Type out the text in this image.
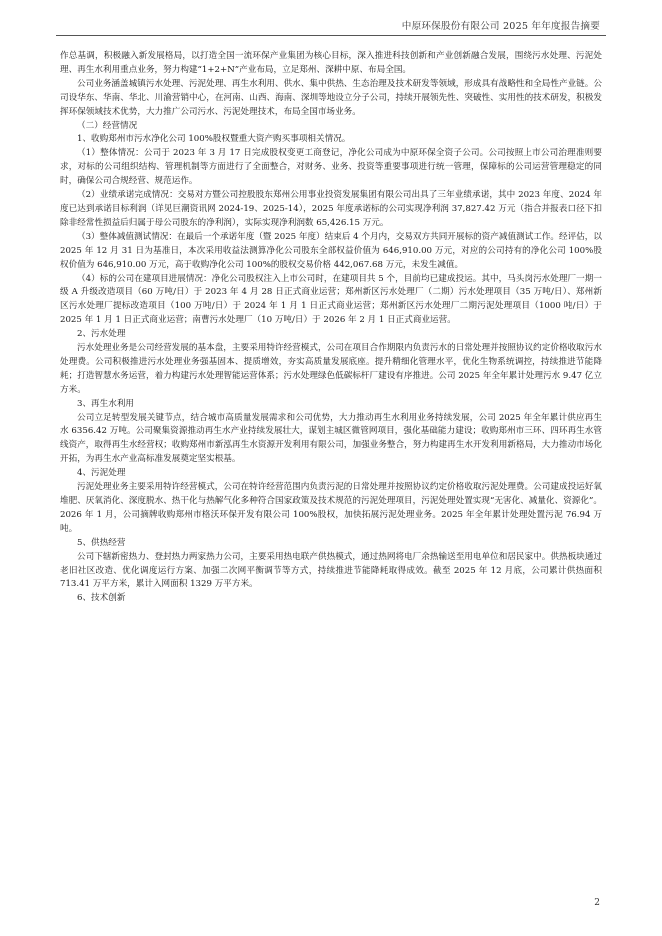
中原环保股份有限公司 2025 年年度报告摘要

作总基调，积极融入新发展格局，以打造全国一流环保产业集团为核心目标，深入推进科技创新和产业创新融合发展，围绕污水处理、污泥处理、再生水利用重点业务，努力构建“1+2+N”产业布局，立足郑州、深耕中原、布局全国。

公司业务涵盖城镇污水处理、污泥处理、再生水利用、供水、集中供热、生态治理及技术研发等领域，形成具有战略性和全局性产业链。公司设华东、华南、华北、川渝营销中心，在河南、山西、海南、深圳等地设立分子公司，持续开展领先性、突破性、实用性的技术研发，积极发挥环保领域技术优势，大力推广公司污水、污泥处理技术，布局全国市场业务。

（二）经营情况

1、收购郑州市污水净化公司 100%股权暨重大资产购买事项相关情况。

（1）整体情况：公司于 2023 年 3 月 17 日完成股权变更工商登记，净化公司成为中原环保全资子公司。公司按照上市公司治理准则要求，对标的公司组织结构、管理机制等方面进行了全面整合，对财务、业务、投资等重要事项进行统一管理，保障标的公司运营管理稳定的同时，确保公司合规经营、规范运作。

（2）业绩承诺完成情况：交易对方暨公司控股股东郑州公用事业投资发展集团有限公司出具了三年业绩承诺，其中 2023 年度、2024 年度已达到承诺目标利润（详见巨潮资讯网 2024-19、2025-14），2025 年度承诺标的公司实现净利润 37,827.42 万元（指合并报表口径下扣除非经常性损益后归属于母公司股东的净利润），实际实现净利润数 65,426.15 万元。

（3）整体减值测试情况：在最后一个承诺年度（暨 2025 年度）结束后 4 个月内，交易双方共同开展标的资产减值测试工作。经评估，以 2025 年 12 月 31 日为基准日，本次采用收益法测算净化公司股东全部权益价值为 646,910.00 万元，对应的公司持有的净化公司 100%股权价值为 646,910.00 万元，高于收购净化公司 100%的股权交易价格 442,067.68 万元，未发生减值。

（4）标的公司在建项目进展情况：净化公司股权注入上市公司时，在建项目共 5 个，目前均已建成投运。其中，马头岗污水处理厂一期一级 A 升级改造项目（60 万吨/日）于 2023 年 4 月 28 日正式商业运营；郑州新区污水处理厂（二期）污水处理项目（35 万吨/日）、郑州新区污水处理厂提标改造项目（100 万吨/日）于 2024 年 1 月 1 日正式商业运营；郑州新区污水处理厂二期污泥处理项目（1000 吨/日）于 2025 年 1 月 1 日正式商业运营；南曹污水处理厂（10 万吨/日）于 2026 年 2 月 1 日正式商业运营。

2、污水处理

污水处理业务是公司经营发展的基本盘，主要采用特许经营模式，公司在项目合作期限内负责污水的日常处理并按照协议约定价格收取污水处理费。公司积极推进污水处理业务强基固本、提质增效，夯实高质量发展底座。提升精细化管理水平，优化生物系统调控，持续推进节能降耗；打造智慧水务运营，着力构建污水处理智能运营体系；污水处理绿色低碳标杆厂建设有序推进。公司 2025 年全年累计处理污水 9.47 亿立方米。

3、再生水利用

公司立足转型发展关键节点，结合城市高质量发展需求和公司优势，大力推动再生水利用业务持续发展，公司 2025 年全年累计供应再生水 6356.42 万吨。公司聚集资源推动再生水产业持续发展壮大，谋划主城区微管网项目，强化基础能力建设；收购郑州市三环、四环再生水管线资产，取得再生水经营权；收购郑州市新泓再生水资源开发利用有限公司，加强业务整合，努力构建再生水开发利用新格局，大力推动市场化开拓，为再生水产业高标准发展奠定坚实根基。

4、污泥处理

污泥处理业务主要采用特许经营模式，公司在特许经营范围内负责污泥的日常处理并按照协议约定价格收取污泥处理费。公司建成投运好氧堆肥、厌氧消化、深度脱水、热干化与热解气化多种符合国家政策及技术规范的污泥处理项目，污泥处理处置实现“无害化、减量化、资源化”。2026 年 1 月，公司摘牌收购郑州市格沃环保开发有限公司 100%股权，加快拓展污泥处理业务。2025 年全年累计处理处置污泥 76.94 万吨。

5、供热经营

公司下辖新密热力、登封热力两家热力公司，主要采用热电联产供热模式，通过热网将电厂余热输送至用电单位和居民家中。供热板块通过老旧社区改造、优化调度运行方案、加强二次网平衡调节等方式，持续推进节能降耗取得成效。截至 2025 年 12 月底，公司累计供热面积 713.41 万平方米，累计入网面积 1329 万平方米。

6、技术创新

2
